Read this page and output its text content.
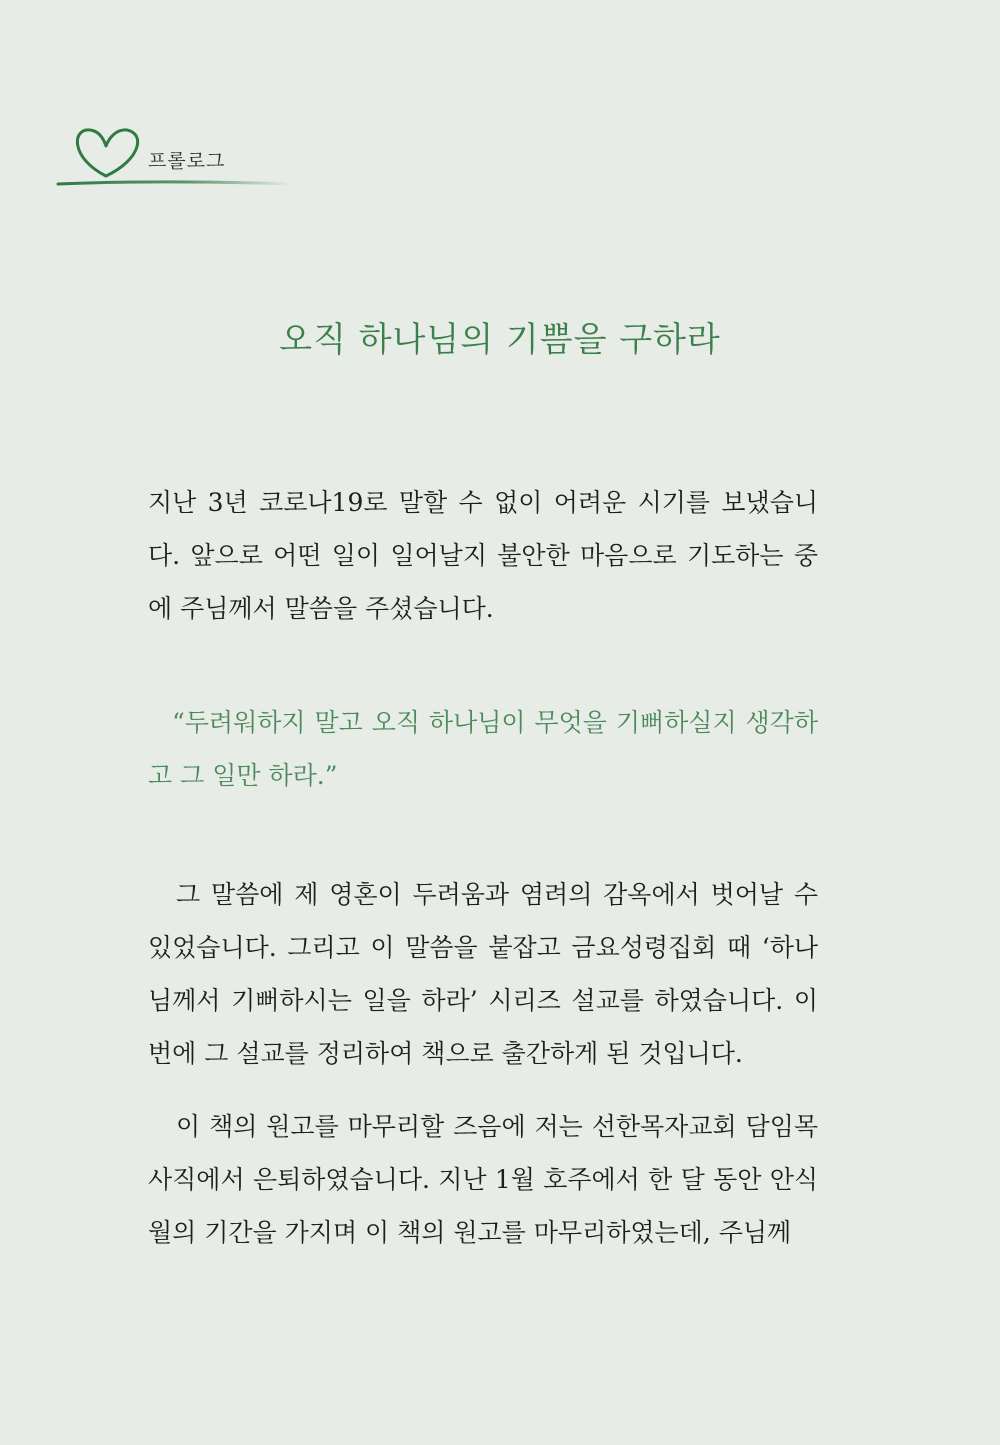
프롤로그
오직 하나님의 기쁨을 구하라

지난 3년 코로나19로 말할 수 없이 어려운 시기를 보냈습니다. 앞으로 어떤 일이 일어날지 불안한 마음으로 기도하는 중에 주님께서 말씀을 주셨습니다.

“두려워하지 말고 오직 하나님이 무엇을 기뻐하실지 생각하고 그 일만 하라.”

그 말씀에 제 영혼이 두려움과 염려의 감옥에서 벗어날 수 있었습니다. 그리고 이 말씀을 붙잡고 금요성령집회 때 ‘하나님께서 기뻐하시는 일을 하라’ 시리즈 설교를 하였습니다. 이번에 그 설교를 정리하여 책으로 출간하게 된 것입니다.

이 책의 원고를 마무리할 즈음에 저는 선한목자교회 담임목사직에서 은퇴하였습니다. 지난 1월 호주에서 한 달 동안 안식월의 기간을 가지며 이 책의 원고를 마무리하였는데, 주님께
